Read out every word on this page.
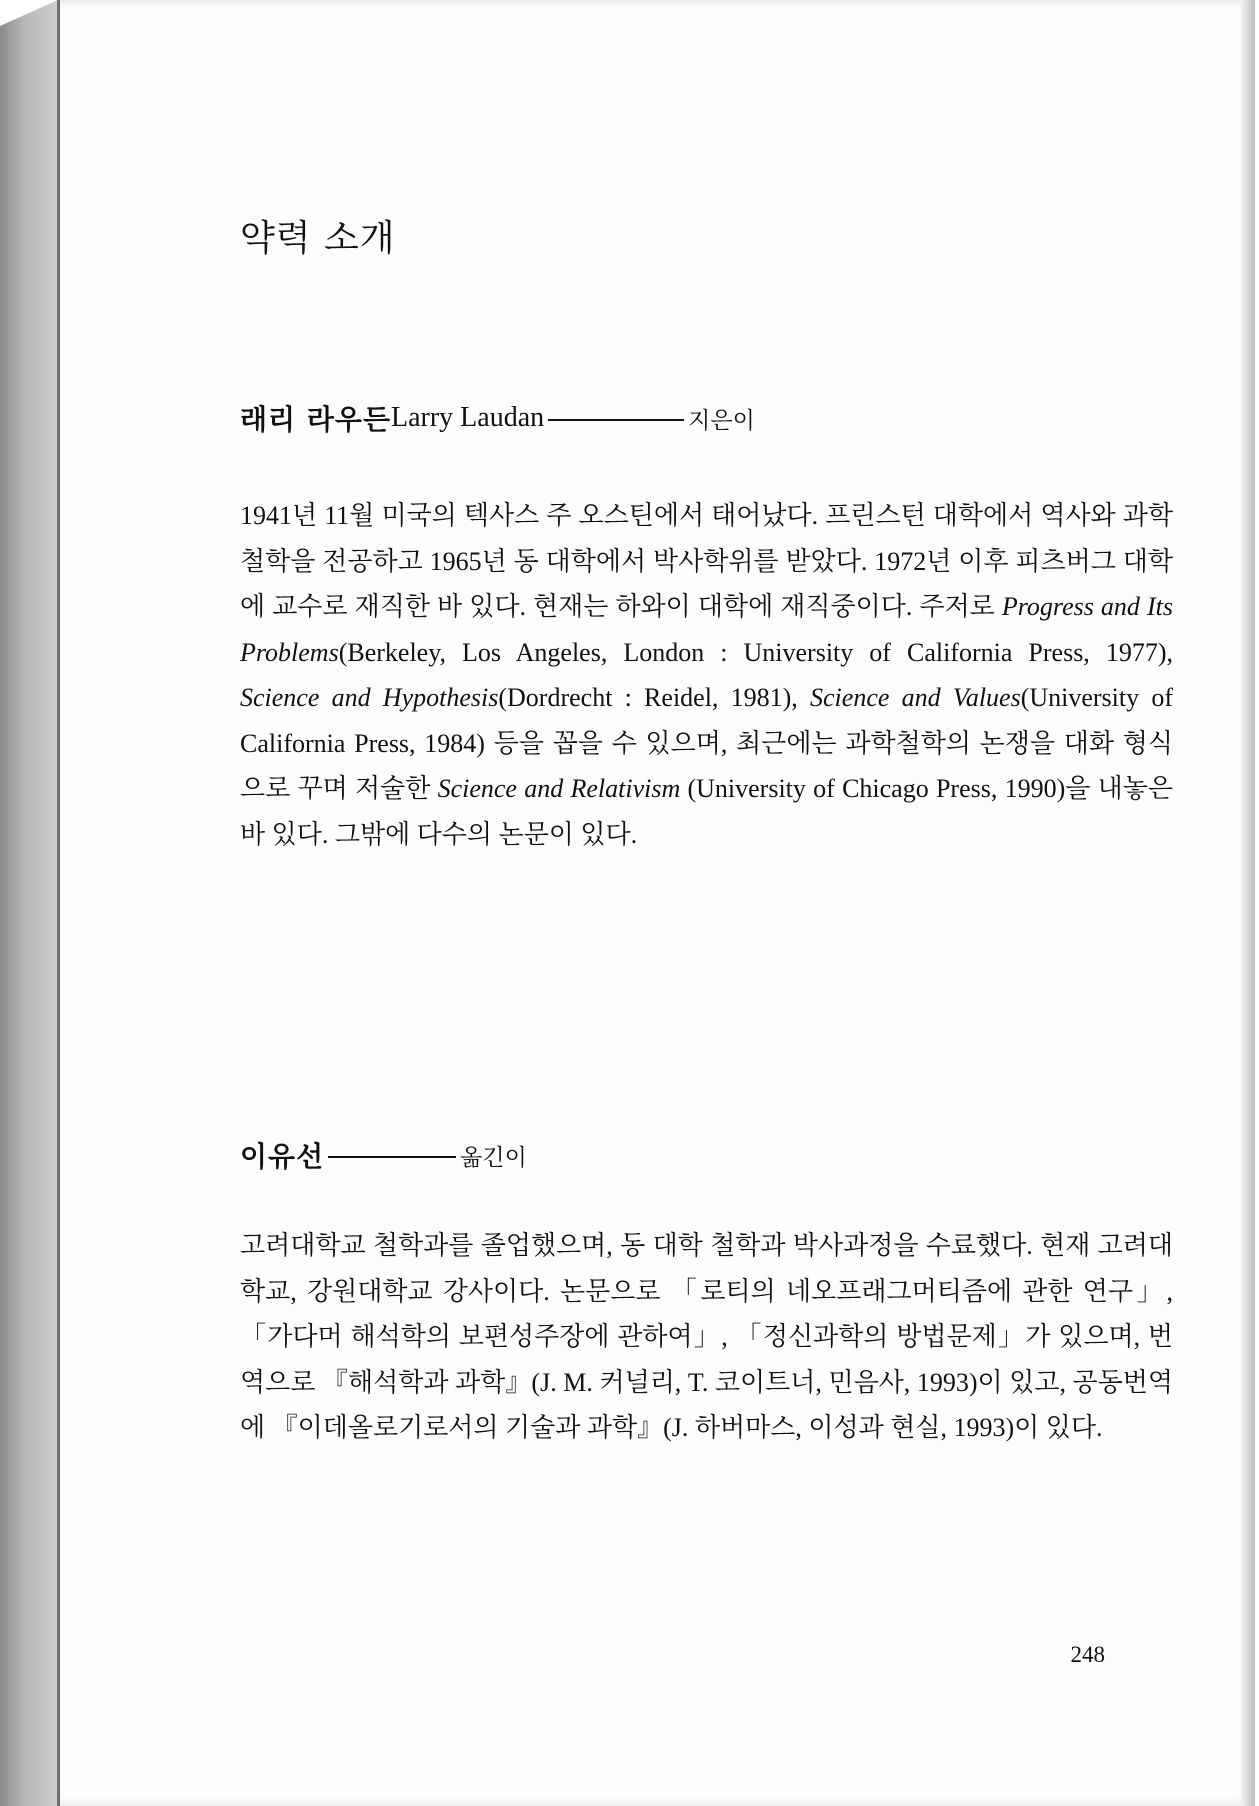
약력 소개
래리 라우든 Larry Laudan	지은이
1941년 11월 미국의 텍사스 주 오스틴에서 태어났다. 프린스턴 대학에서 역사와 과학철학을 전공하고 1965년 동 대학에서 박사학위를 받았다. 1972년 이후 피츠버그 대학에 교수로 재직한 바 있다. 현재는 하와이 대학에 재직중이다. 주저로 Progress and Its Problems(Berkeley, Los Angeles, London : University of California Press, 1977), Science and Hypothesis(Dordrecht : Reidel, 1981), Science and Values(University of California Press, 1984) 등을 꼽을 수 있으며, 최근에는 과학철학의 논쟁을 대화 형식으로 꾸며 저술한 Science and Relativism (University of Chicago Press, 1990)을 내놓은 바 있다. 그밖에 다수의 논문이 있다.
이유선	옮긴이
고려대학교 철학과를 졸업했으며, 동 대학 철학과 박사과정을 수료했다. 현재 고려대학교, 강원대학교 강사이다. 논문으로 「로티의 네오프래그머티즘에 관한 연구」, 「가다머 해석학의 보편성주장에 관하여」, 「정신과학의 방법문제」가 있으며, 번역으로 『해석학과 과학』(J. M. 커널리, T. 코이트너, 민음사, 1993)이 있고, 공동번역에 『이데올로기로서의 기술과 과학』(J. 하버마스, 이성과 현실, 1993)이 있다.
248
